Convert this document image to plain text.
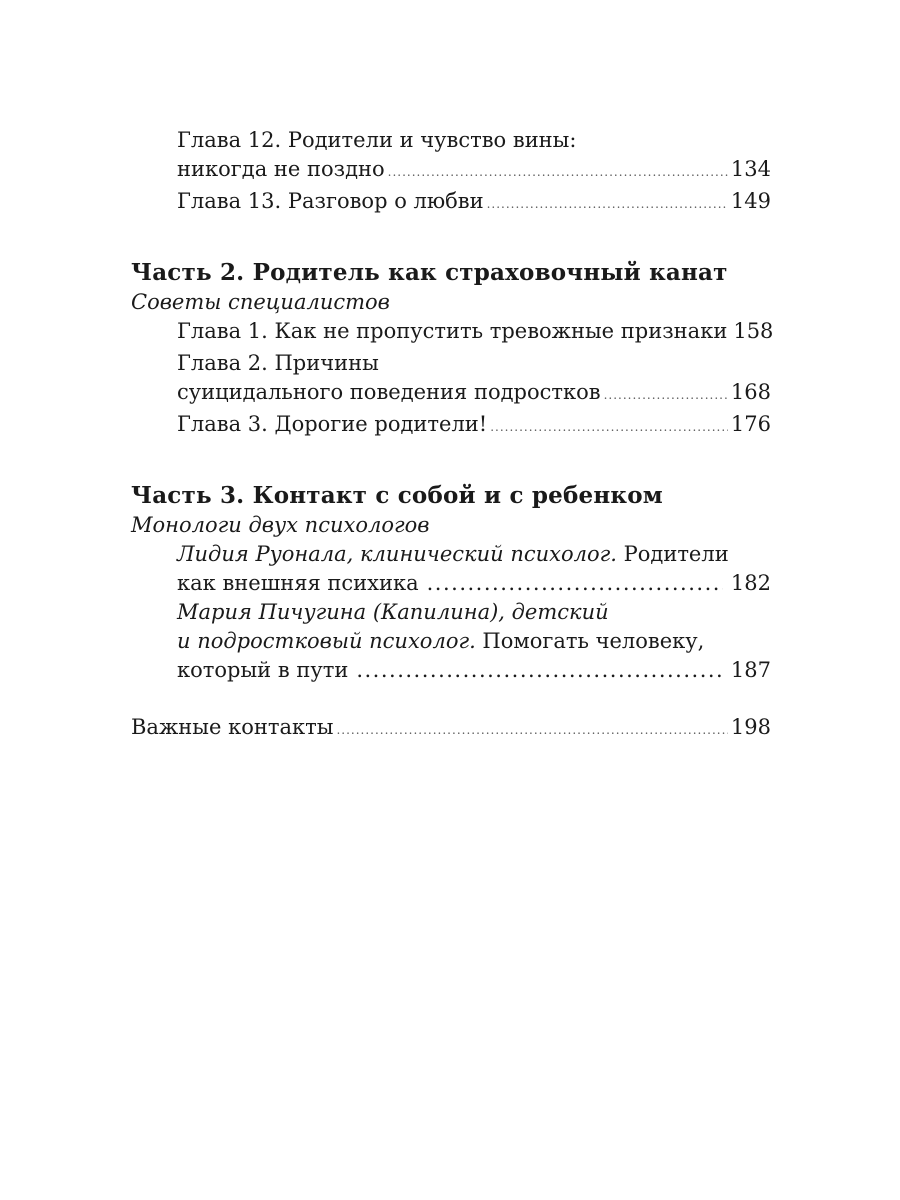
Глава 12. Родители и чувство вины:
никогда не поздно .....	134
Глава 13. Разговор о любви .....	149
Часть 2. Родитель как страховочный канат
Советы специалистов
Глава 1. Как не пропустить тревожные признаки 158
Глава 2. Причины
суицидального поведения подростков .....	168
Глава 3. Дорогие родители! .....	176
Часть 3. Контакт с собой и с ребенком
Монологи двух психологов
Лидия Руонала, клинический психолог. Родители
как внешняя психика .....	182
Мария Пичугина (Капилина), детский
и подростковый психолог. Помогать человеку,
который в пути .....	187
Важные контакты .....	198
